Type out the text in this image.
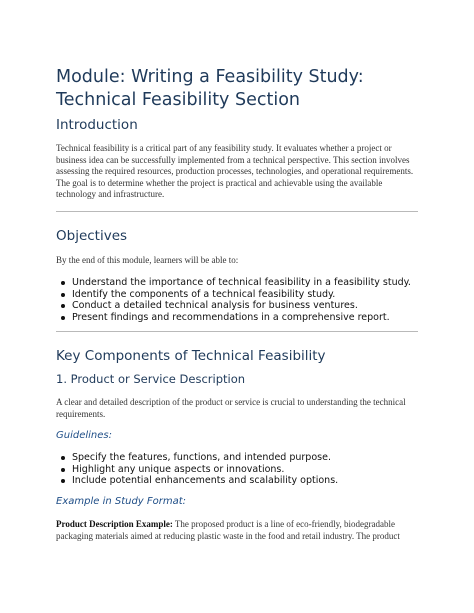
Module: Writing a Feasibility Study: Technical Feasibility Section
Introduction

Technical feasibility is a critical part of any feasibility study. It evaluates whether a project or business idea can be successfully implemented from a technical perspective. This section involves assessing the required resources, production processes, technologies, and operational requirements. The goal is to determine whether the project is practical and achievable using the available technology and infrastructure.

Objectives

By the end of this module, learners will be able to:

Understand the importance of technical feasibility in a feasibility study.
Identify the components of a technical feasibility study.
Conduct a detailed technical analysis for business ventures.
Present findings and recommendations in a comprehensive report.
Key Components of Technical Feasibility
1. Product or Service Description

A clear and detailed description of the product or service is crucial to understanding the technical requirements.

Guidelines:
Specify the features, functions, and intended purpose.
Highlight any unique aspects or innovations.
Include potential enhancements and scalability options.
Example in Study Format:

Product Description Example: The proposed product is a line of eco-friendly, biodegradable packaging materials aimed at reducing plastic waste in the food and retail industry. The product
